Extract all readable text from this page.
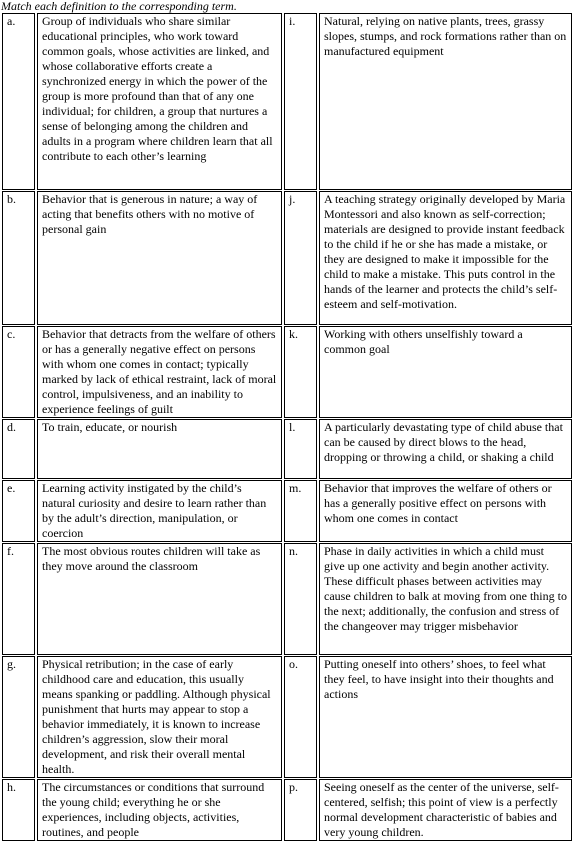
Match each definition to the corresponding term.
a.	Group of individuals who share similar educational principles, who work toward common goals, whose activities are linked, and whose collaborative efforts create a synchronized energy in which the power of the group is more profound than that of any one individual; for children, a group that nurtures a sense of belonging among the children and adults in a program where children learn that all contribute to each other’s learning	i.	Natural, relying on native plants, trees, grassy slopes, stumps, and rock formations rather than on manufactured equipment
b.	Behavior that is generous in nature; a way of acting that benefits others with no motive of personal gain	j.	A teaching strategy originally developed by Maria Montessori and also known as self-correction; materials are designed to provide instant feedback to the child if he or she has made a mistake, or they are designed to make it impossible for the child to make a mistake. This puts control in the hands of the learner and protects the child’s self-esteem and self-motivation.
c.	Behavior that detracts from the welfare of others or has a generally negative effect on persons with whom one comes in contact; typically marked by lack of ethical restraint, lack of moral control, impulsiveness, and an inability to experience feelings of guilt	k.	Working with others unselfishly toward a common goal
d.	To train, educate, or nourish	l.	A particularly devastating type of child abuse that can be caused by direct blows to the head, dropping or throwing a child, or shaking a child
e.	Learning activity instigated by the child’s natural curiosity and desire to learn rather than by the adult’s direction, manipulation, or coercion	m.	Behavior that improves the welfare of others or has a generally positive effect on persons with whom one comes in contact
f.	The most obvious routes children will take as they move around the classroom	n.	Phase in daily activities in which a child must give up one activity and begin another activity. These difficult phases between activities may cause children to balk at moving from one thing to the next; additionally, the confusion and stress of the changeover may trigger misbehavior
g.	Physical retribution; in the case of early childhood care and education, this usually means spanking or paddling. Although physical punishment that hurts may appear to stop a behavior immediately, it is known to increase children’s aggression, slow their moral development, and risk their overall mental health.	o.	Putting oneself into others’ shoes, to feel what they feel, to have insight into their thoughts and actions
h.	The circumstances or conditions that surround the young child; everything he or she experiences, including objects, activities, routines, and people	p.	Seeing oneself as the center of the universe, self-centered, selfish; this point of view is a perfectly normal development characteristic of babies and very young children.
